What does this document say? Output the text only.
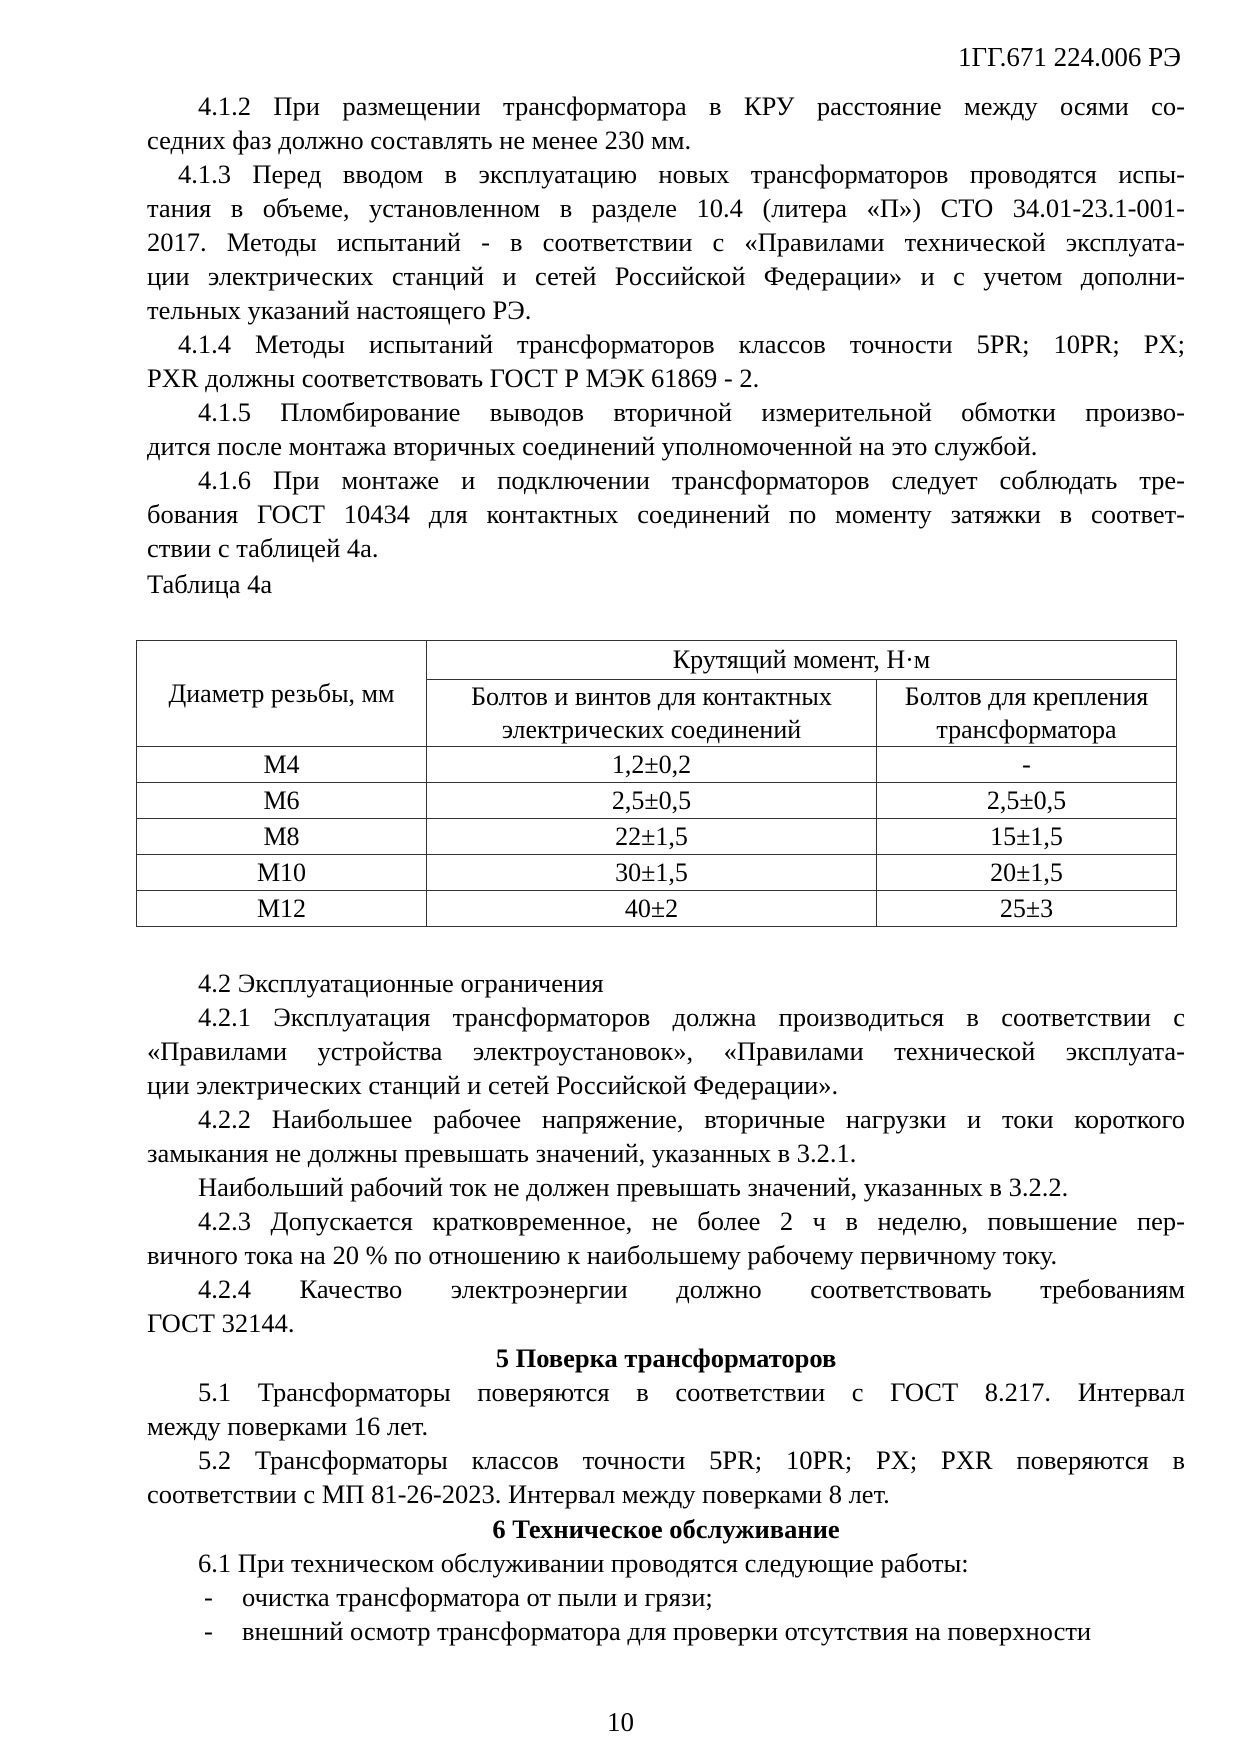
1ГГ.671 224.006 РЭ
4.1.2 При размещении трансформатора в КРУ расстояние между осями со-
седних фаз должно составлять не менее 230 мм.
4.1.3 Перед вводом в эксплуатацию новых трансформаторов проводятся испы-
тания в объеме, установленном в разделе 10.4 (литера «П») СТО 34.01-23.1-001-
2017. Методы испытаний - в соответствии с «Правилами технической эксплуата-
ции электрических станций и сетей Российской Федерации» и с учетом дополни-
тельных указаний настоящего РЭ.
4.1.4 Методы испытаний трансформаторов классов точности 5PR; 10PR; PX;
PXR должны соответствовать ГОСТ Р МЭК 61869 - 2.
4.1.5 Пломбирование выводов вторичной измерительной обмотки произво-
дится после монтажа вторичных соединений уполномоченной на это службой.
4.1.6 При монтаже и подключении трансформаторов следует соблюдать тре-
бования ГОСТ 10434 для контактных соединений по моменту затяжки в соответ-
ствии с таблицей 4а.
Таблица 4а
Диаметр резьбы, мм	Крутящий момент, Н·м	

Болтов и винтов для контактных
электрических соединений

Болтов для крепления
трансформатора

М4	1,2±0,2	-
М6	2,5±0,5	2,5±0,5
М8	22±1,5	15±1,5
М10	30±1,5	20±1,5
М12	40±2	25±3
4.2 Эксплуатационные ограничения
4.2.1 Эксплуатация трансформаторов должна производиться в соответствии с
«Правилами устройства электроустановок», «Правилами технической эксплуата-
ции электрических станций и сетей Российской Федерации».
4.2.2 Наибольшее рабочее напряжение, вторичные нагрузки и токи короткого
замыкания не должны превышать значений, указанных в 3.2.1.
Наибольший рабочий ток не должен превышать значений, указанных в 3.2.2.
4.2.3 Допускается кратковременное, не более 2 ч в неделю, повышение пер-
вичного тока на 20 % по отношению к наибольшему рабочему первичному току.
4.2.4 Качество электроэнергии должно соответствовать требованиям
ГОСТ 32144.
5 Поверка трансформаторов
5.1 Трансформаторы поверяются в соответствии с ГОСТ 8.217. Интервал
между поверками 16 лет.
5.2 Трансформаторы классов точности 5PR; 10PR; PX; PXR поверяются в
соответствии с МП 81-26-2023. Интервал между поверками 8 лет.
6 Техническое обслуживание
6.1 При техническом обслуживании проводятся следующие работы:
-	очистка трансформатора от пыли и грязи;
-	внешний осмотр трансформатора для проверки отсутствия на поверхности
10
